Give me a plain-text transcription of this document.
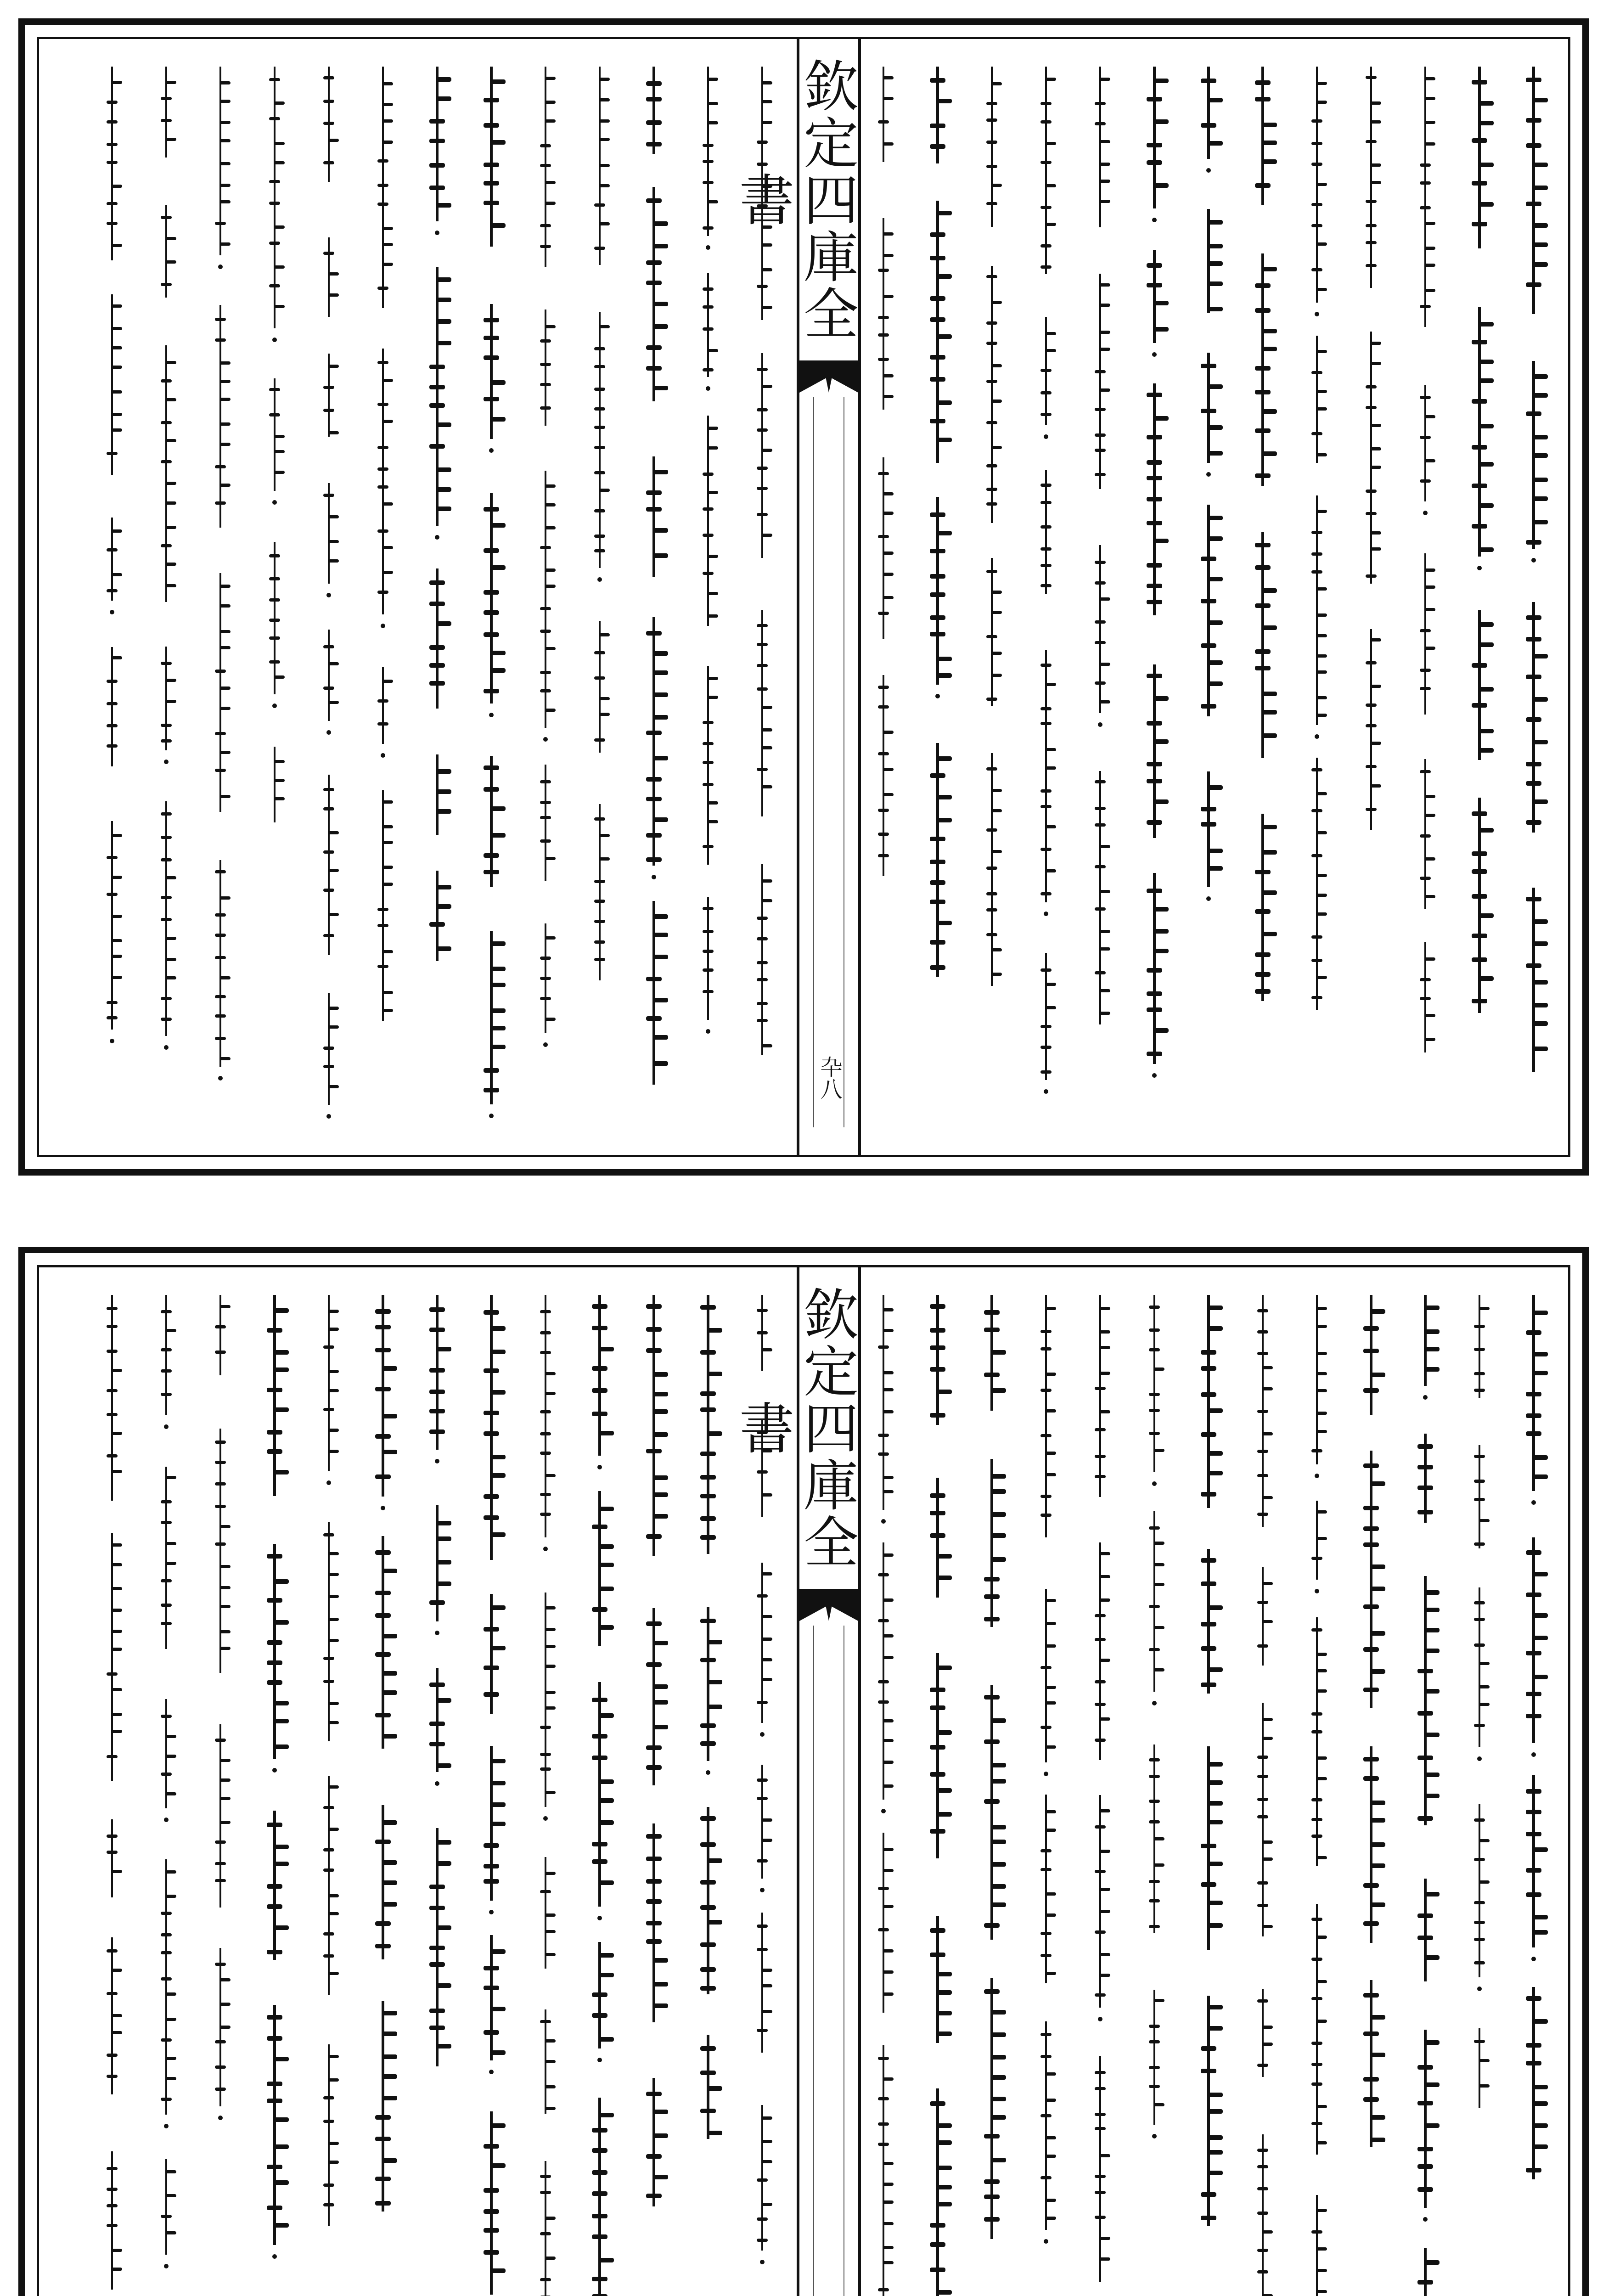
欽定四庫全書
卆八
欽定四庫全書
